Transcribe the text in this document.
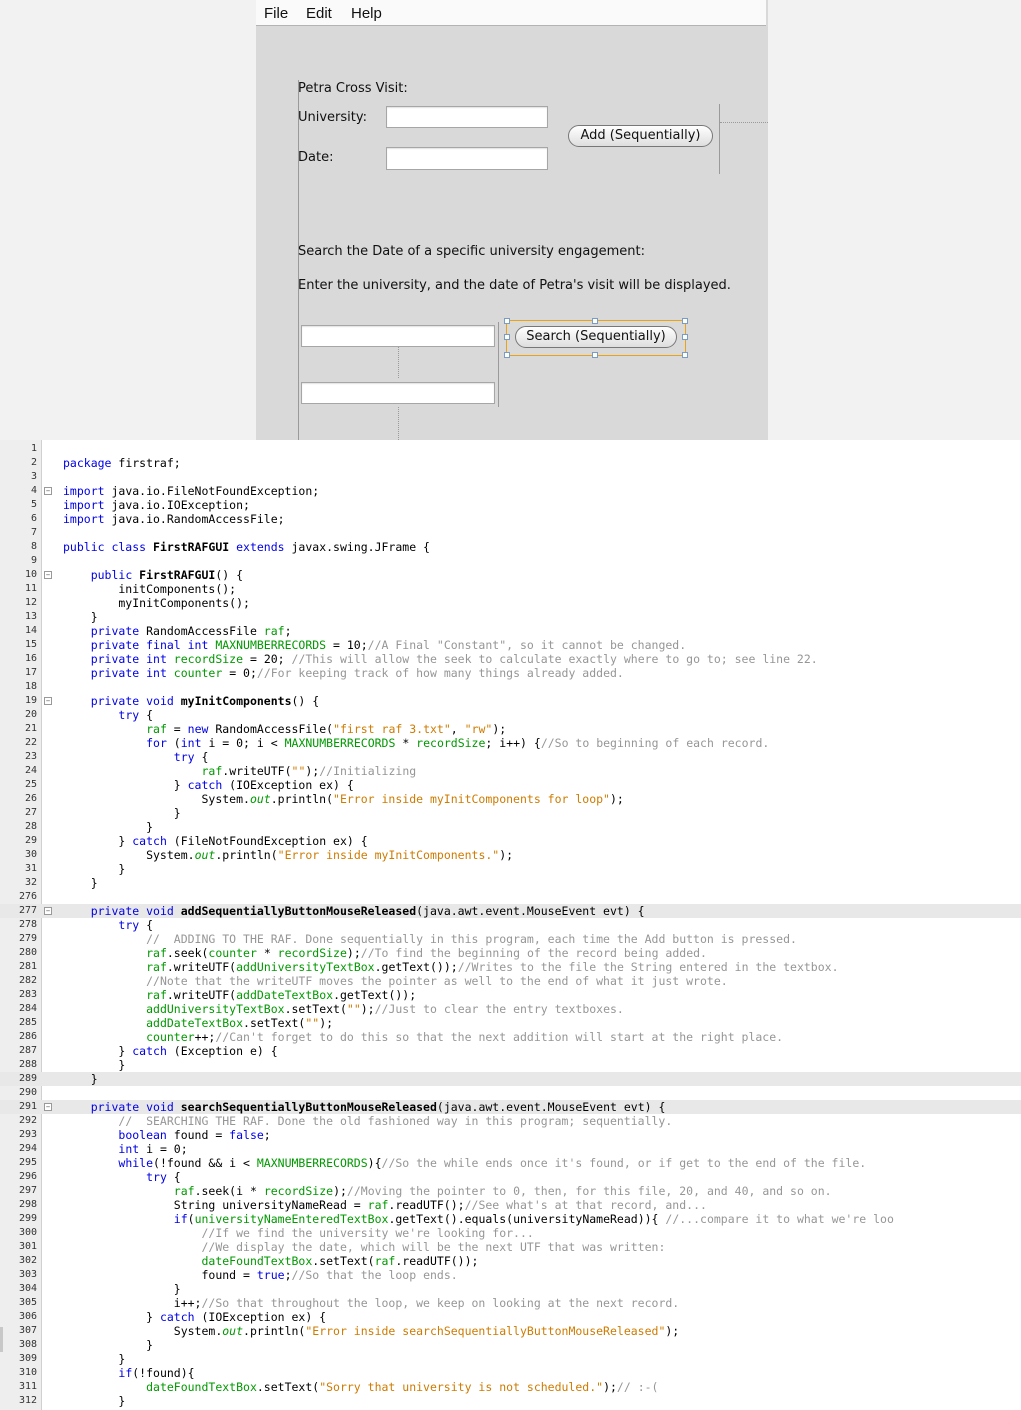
File Edit Help
Petra Cross Visit:
University:
Date:
Add (Sequentially)
Search the Date of a specific university engagement:
Enter the university, and the date of Petra's visit will be displayed.
Search (Sequentially)
1
2 package firstraf;
3
4 − import java.io.FileNotFoundException;
5 import java.io.IOException;
6 import java.io.RandomAccessFile;
7
8 public class FirstRAFGUI extends javax.swing.JFrame {
9
10 −	public FirstRAFGUI() {
11 initComponents();
12 myInitComponents();
13 }
14	private RandomAccessFile raf;
15	private final int MAXNUMBERRECORDS = 10;//A Final "Constant", so it cannot be changed.
16	private int recordSize = 20; //This will allow the seek to calculate exactly where to go to; see line 22.
17	private int counter = 0;//For keeping track of how many things already added.
18
19 −	private void myInitComponents() {
20	try {
21	raf = new RandomAccessFile("first raf 3.txt", "rw");
22	for (int i = 0; i < MAXNUMBERRECORDS * recordSize; i++) {//So to beginning of each record.
23	try {
24	raf.writeUTF("");//Initializing
25 } catch (IOException ex) {
26 System.out.println("Error inside myInitComponents for loop");
27 }
28 }
29 } catch (FileNotFoundException ex) {
30 System.out.println("Error inside myInitComponents.");
31 }
32 }
276
277 −	private void addSequentiallyButtonMouseReleased(java.awt.event.MouseEvent evt) {
278	try {
279	//  ADDING TO THE RAF. Done sequentially in this program, each time the Add button is pressed.
280	raf.seek(counter * recordSize);//To find the beginning of the record being added.
281	raf.writeUTF(addUniversityTextBox.getText());//Writes to the file the String entered in the textbox.
282	//Note that the writeUTF moves the pointer as well to the end of what it just wrote.
283	raf.writeUTF(addDateTextBox.getText());
284	addUniversityTextBox.setText("");//Just to clear the entry textboxes.
285	addDateTextBox.setText("");
286	counter++;//Can't forget to do this so that the next addition will start at the right place.
287 } catch (Exception e) {
288 }
289 }
290
291 −	private void searchSequentiallyButtonMouseReleased(java.awt.event.MouseEvent evt) {
292	//  SEARCHING THE RAF. Done the old fashioned way in this program; sequentially.
293	boolean found = false;
294	int i = 0;
295	while(!found && i < MAXNUMBERRECORDS){//So the while ends once it's found, or if get to the end of the file.
296	try {
297	raf.seek(i * recordSize);//Moving the pointer to 0, then, for this file, 20, and 40, and so on.
298 String universityNameRead = raf.readUTF();//See what's at that record, and...
299	if(universityNameEnteredTextBox.getText().equals(universityNameRead)){ //...compare it to what we're loo
300	//If we find the university we're looking for...
301	//We display the date, which will be the next UTF that was written:
302	dateFoundTextBox.setText(raf.readUTF());
303 found = true;//So that the loop ends.
304 }
305 i++;//So that throughout the loop, we keep on looking at the next record.
306 } catch (IOException ex) {
307 System.out.println("Error inside searchSequentiallyButtonMouseReleased");
308 }
309 }
310	if(!found){
311	dateFoundTextBox.setText("Sorry that university is not scheduled.");// :-(
312 }
